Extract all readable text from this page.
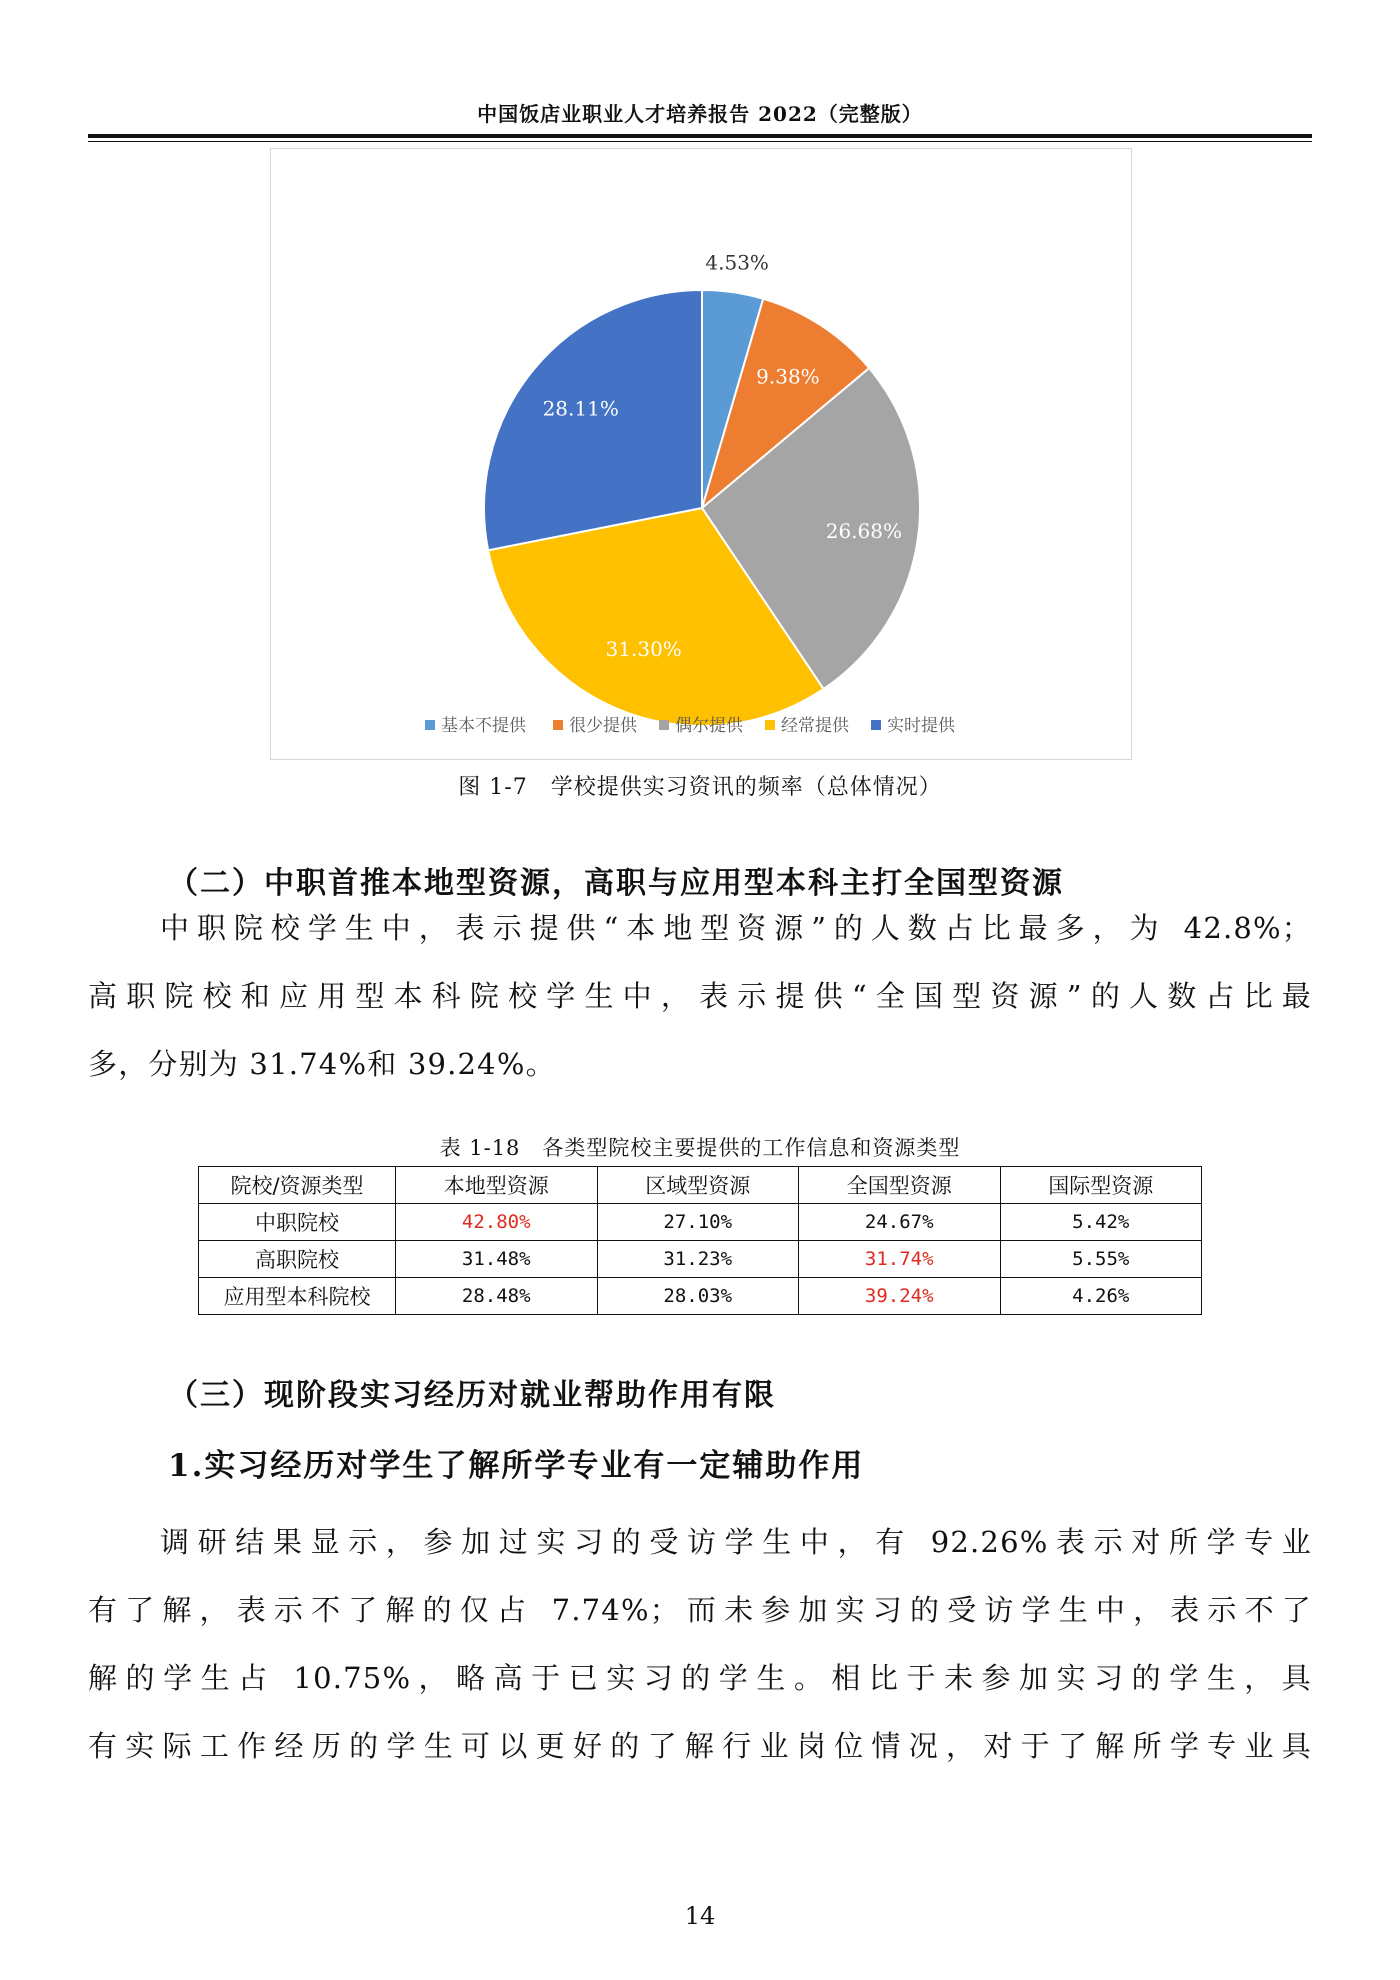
中国饭店业职业人才培养报告 2022（完整版）
4.53%
9.38%
26.68%
31.30%
28.11%
基本不提供	很少提供 偶尔提供 经常提供 实时提供
图 1-7　学校提供实习资讯的频率（总体情况）
（二）中职首推本地型资源，高职与应用型本科主打全国型资源
中职院校学生中，表示提供“本地型资源”的人数占比最多，为 42.8%；
高职院校和应用型本科院校学生中，表示提供“全国型资源”的人数占比最
多，分别为 31.74%和 39.24%。
表 1-18　各类型院校主要提供的工作信息和资源类型
院校/资源类型	本地型资源	区域型资源	全国型资源	国际型资源
中职院校	42.80%	27.10%	24.67%	5.42%
高职院校	31.48%	31.23%	31.74%	5.55%
应用型本科院校	28.48%	28.03%	39.24%	4.26%
（三）现阶段实习经历对就业帮助作用有限
1.实习经历对学生了解所学专业有一定辅助作用
调研结果显示，参加过实习的受访学生中，有 92.26%表示对所学专业
有了解，表示不了解的仅占 7.74%；而未参加实习的受访学生中，表示不了
解的学生占 10.75%，略高于已实习的学生。相比于未参加实习的学生，具
有实际工作经历的学生可以更好的了解行业岗位情况，对于了解所学专业具
14
